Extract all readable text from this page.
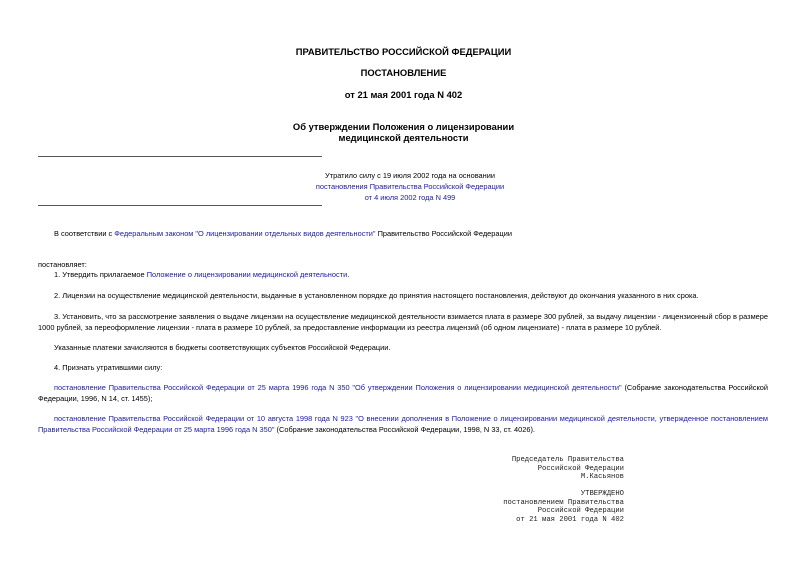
ПРАВИТЕЛЬСТВО РОССИЙСКОЙ ФЕДЕРАЦИИ
ПОСТАНОВЛЕНИЕ
от 21 мая 2001 года N 402
Об утверждении Положения о лицензировании
медицинской деятельности
Утратило силу с 19 июля 2002 года на основании
постановления Правительства Российской Федерации
от 4 июля 2002 года N 499
В соответствии с Федеральным законом "О лицензировании отдельных видов деятельности" Правительство Российской Федерации
постановляет:
1. Утвердить прилагаемое Положение о лицензировании медицинской деятельности.
2. Лицензии на осуществление медицинской деятельности, выданные в установленном порядке до принятия настоящего постановления, действуют до окончания указанного в них срока.
3. Установить, что за рассмотрение заявления о выдаче лицензии на осуществление медицинской деятельности взимается плата в размере 300 рублей, за выдачу лицензии - лицензионный сбор в размере 1000 рублей, за переоформление лицензии - плата в размере 10 рублей, за предоставление информации из реестра лицензий (об одном лицензиате) - плата в размере 10 рублей.
Указанные платежи зачисляются в бюджеты соответствующих субъектов Российской Федерации.
4. Признать утратившими силу:
постановление Правительства Российской Федерации от 25 марта 1996 года N 350 "Об утверждении Положения о лицензировании медицинской деятельности" (Собрание законодательства Российской Федерации, 1996, N 14, ст. 1455);
постановление Правительства Российской Федерации от 10 августа 1998 года N 923 "О внесении дополнения в Положение о лицензировании медицинской деятельности, утвержденное постановлением Правительства Российской Федерации от 25 марта 1996 года N 350" (Собрание законодательства Российской Федерации, 1998, N 33, ст. 4026).
Председатель Правительства
Российской Федерации
М.Касьянов
УТВЕРЖДЕНО
постановлением Правительства
Российской Федерации
от 21 мая 2001 года N 402
